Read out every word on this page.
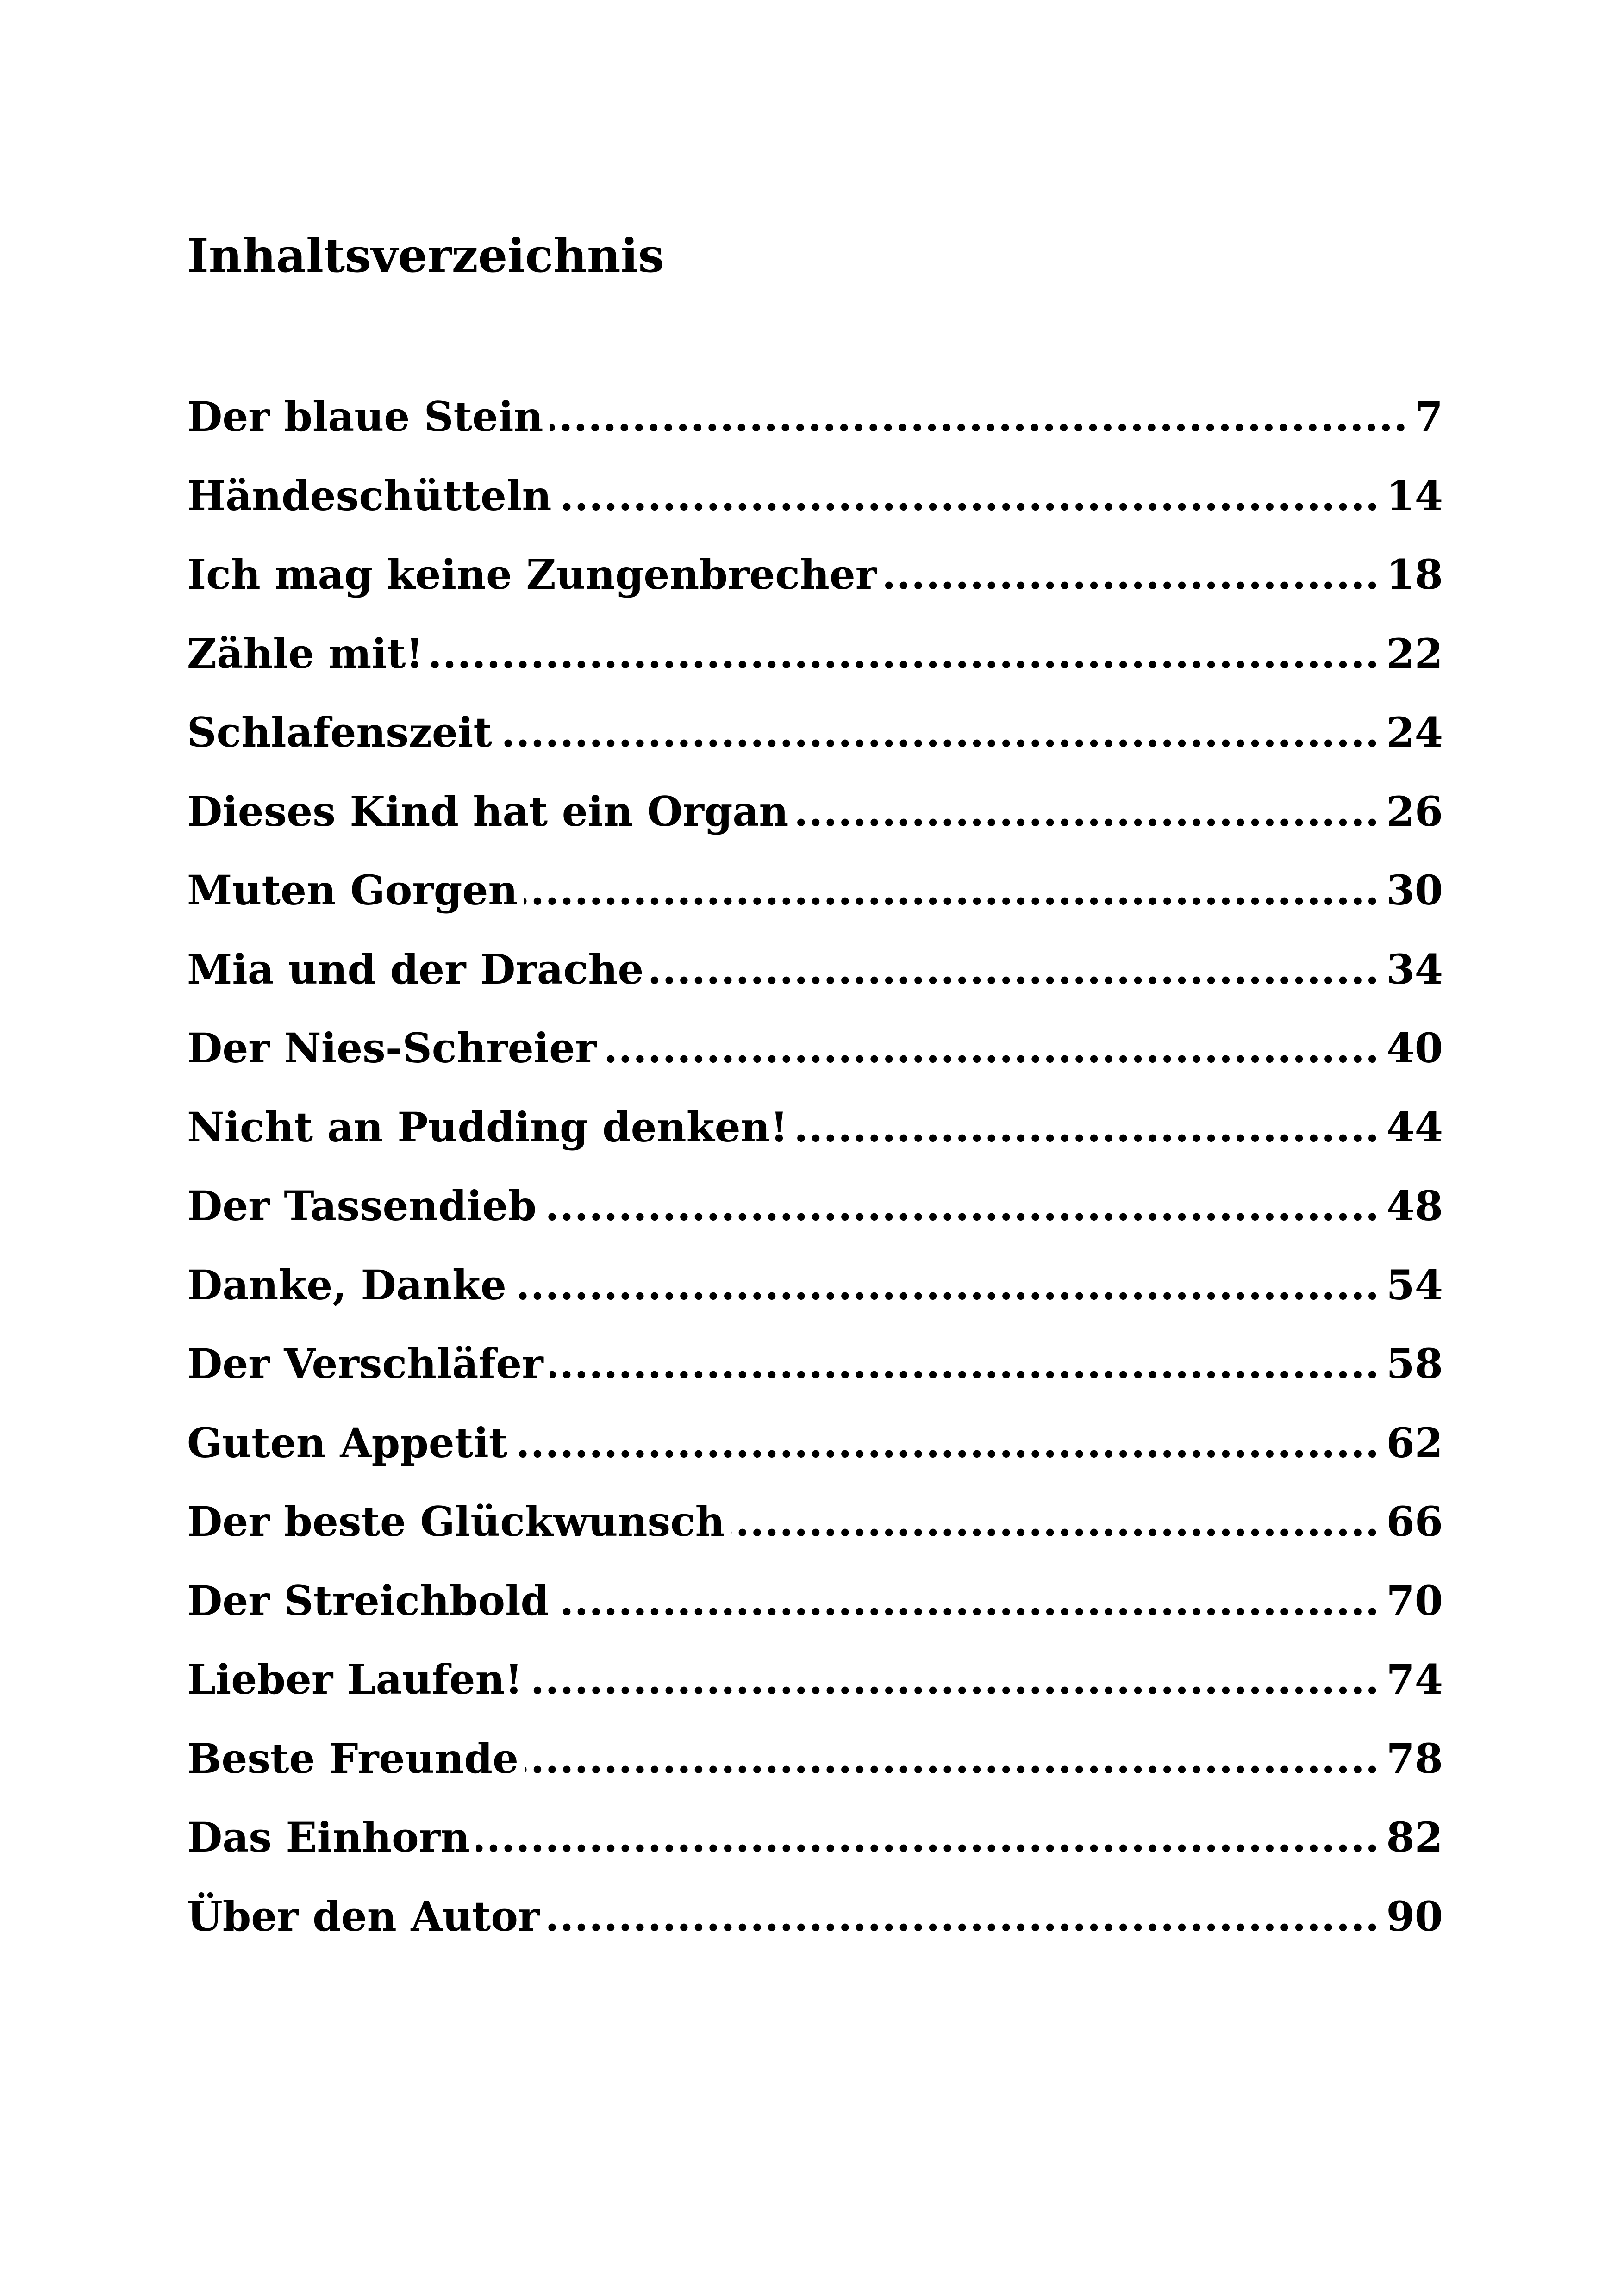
Inhaltsverzeichnis
Der blaue Stein .....	7
Händeschütteln .....	14
Ich mag keine Zungenbrecher .....	18
Zähle mit! .....	22
Schlafenszeit .....	24
Dieses Kind hat ein Organ .....	26
Muten Gorgen .....	30
Mia und der Drache .....	34
Der Nies-Schreier .....	40
Nicht an Pudding denken! .....	44
Der Tassendieb .....	48
Danke, Danke .....	54
Der Verschläfer .....	58
Guten Appetit .....	62
Der beste Glückwunsch .....	66
Der Streichbold .....	70
Lieber Laufen! .....	74
Beste Freunde .....	78
Das Einhorn .....	82
Über den Autor .....	90
